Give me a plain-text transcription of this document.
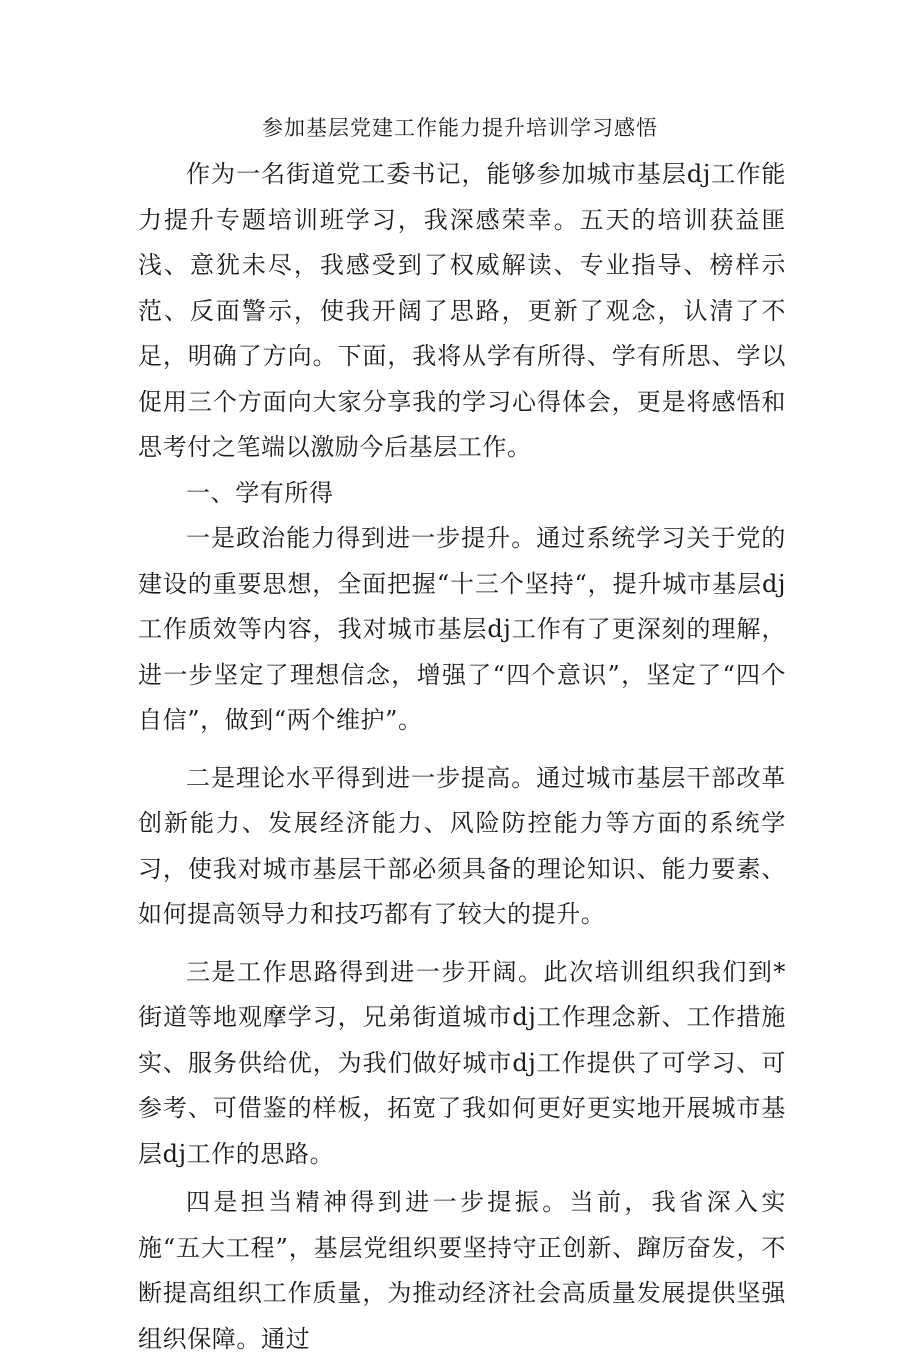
参加基层党建工作能力提升培训学习感悟

作为一名街道党工委书记，能够参加城市基层dj工作能力提升专题培训班学习，我深感荣幸。五天的培训获益匪浅、意犹未尽，我感受到了权威解读、专业指导、榜样示范、反面警示，使我开阔了思路，更新了观念，认清了不足，明确了方向。下面，我将从学有所得、学有所思、学以促用三个方面向大家分享我的学习心得体会，更是将感悟和思考付之笔端以激励今后基层工作。

一、学有所得

一是政治能力得到进一步提升。通过系统学习关于党的建设的重要思想，全面把握“十三个坚持“，提升城市基层dj工作质效等内容，我对城市基层dj工作有了更深刻的理解，进一步坚定了理想信念，增强了“四个意识”，坚定了“四个自信”，做到“两个维护”。

二是理论水平得到进一步提高。通过城市基层干部改革创新能力、发展经济能力、风险防控能力等方面的系统学习，使我对城市基层干部必须具备的理论知识、能力要素、如何提高领导力和技巧都有了较大的提升。

三是工作思路得到进一步开阔。此次培训组织我们到*街道等地观摩学习，兄弟街道城市dj工作理念新、工作措施实、服务供给优，为我们做好城市dj工作提供了可学习、可参考、可借鉴的样板，拓宽了我如何更好更实地开展城市基层dj工作的思路。

四是担当精神得到进一步提振。当前，我省深入实施“五大工程”，基层党组织要坚持守正创新、蹿厉奋发，不断提高组织工作质量，为推动经济社会高质量发展提供坚强组织保障。通过
